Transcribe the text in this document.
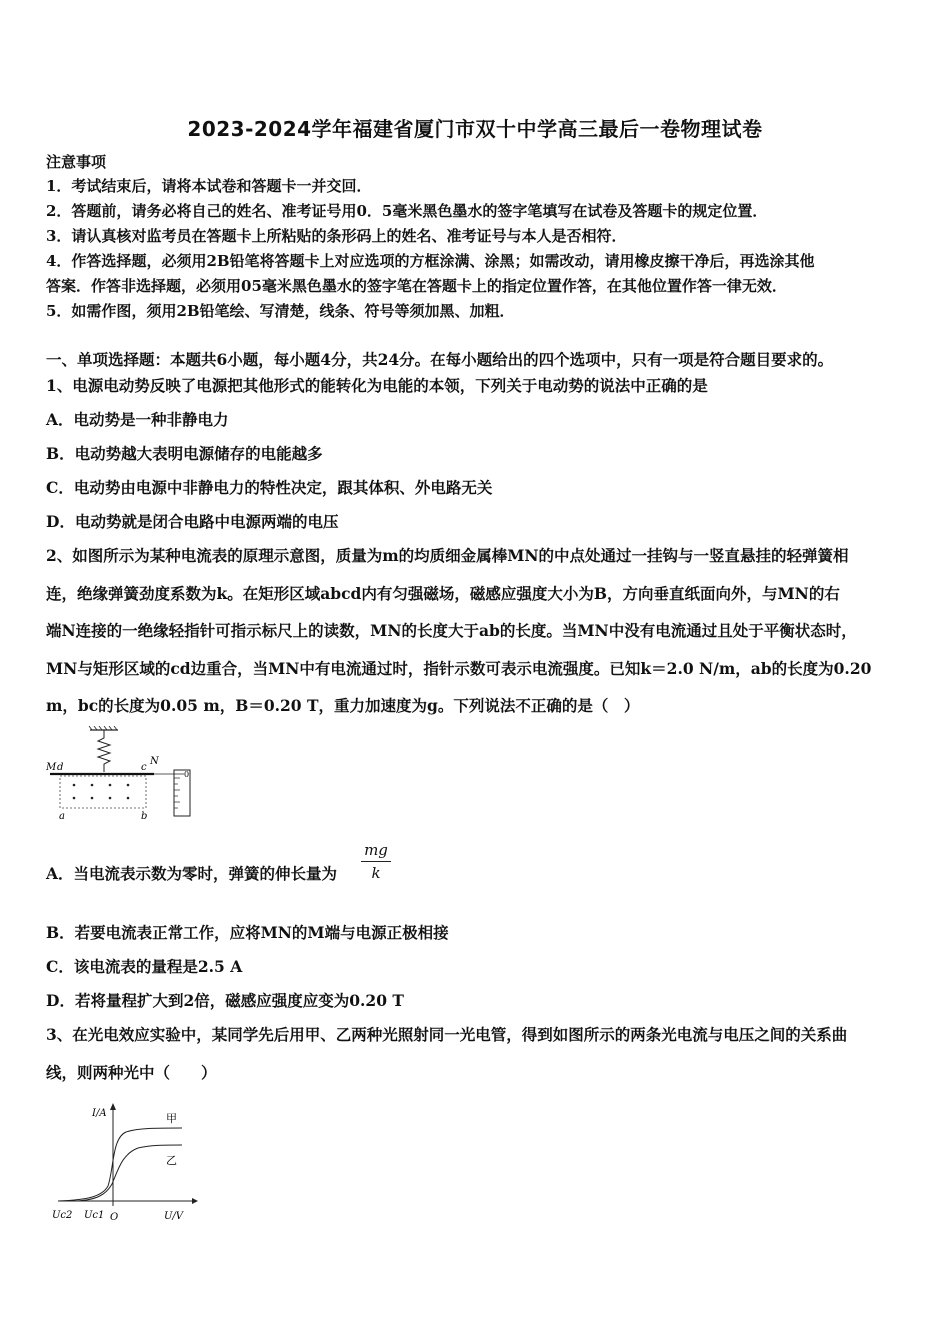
2023-2024学年福建省厦门市双十中学高三最后一卷物理试卷
注意事项
1．考试结束后，请将本试卷和答题卡一并交回．
2．答题前，请务必将自己的姓名、准考证号用0．5毫米黑色墨水的签字笔填写在试卷及答题卡的规定位置．
3．请认真核对监考员在答题卡上所粘贴的条形码上的姓名、准考证号与本人是否相符．
4．作答选择题，必须用2B铅笔将答题卡上对应选项的方框涂满、涂黑；如需改动，请用橡皮擦干净后，再选涂其他
答案．作答非选择题，必须用05毫米黑色墨水的签字笔在答题卡上的指定位置作答，在其他位置作答一律无效．
5．如需作图，须用2B铅笔绘、写清楚，线条、符号等须加黑、加粗．
一、单项选择题：本题共6小题，每小题4分，共24分。在每小题给出的四个选项中，只有一项是符合题目要求的。
1、电源电动势反映了电源把其他形式的能转化为电能的本领，下列关于电动势的说法中正确的是
A．电动势是一种非静电力
B．电动势越大表明电源储存的电能越多
C．电动势由电源中非静电力的特性决定，跟其体积、外电路无关
D．电动势就是闭合电路中电源两端的电压
2、如图所示为某种电流表的原理示意图，质量为m的均质细金属棒MN的中点处通过一挂钩与一竖直悬挂的轻弹簧相
连，绝缘弹簧劲度系数为k。在矩形区域abcd内有匀强磁场，磁感应强度大小为B，方向垂直纸面向外，与MN的右
端N连接的一绝缘轻指针可指示标尺上的读数，MN的长度大于ab的长度。当MN中没有电流通过且处于平衡状态时，
MN与矩形区域的cd边重合，当MN中有电流通过时，指针示数可表示电流强度。已知k＝2.0 N/m，ab的长度为0.20
m，bc的长度为0.05 m，B＝0.20 T，重力加速度为g。下列说法不正确的是（　）
M d	c
N
a	b
0
A．当电流表示数为零时，弹簧的伸长量为 $\frac{mg}{k}$
B．若要电流表正常工作，应将MN的M端与电源正极相接
C．该电流表的量程是2.5 A
D．若将量程扩大到2倍，磁感应强度应变为0.20 T
3、在光电效应实验中，某同学先后用甲、乙两种光照射同一光电管，得到如图所示的两条光电流与电压之间的关系曲
线，则两种光中（　　）
I/A	甲
乙
Uc2 Uc1 O	U/V
